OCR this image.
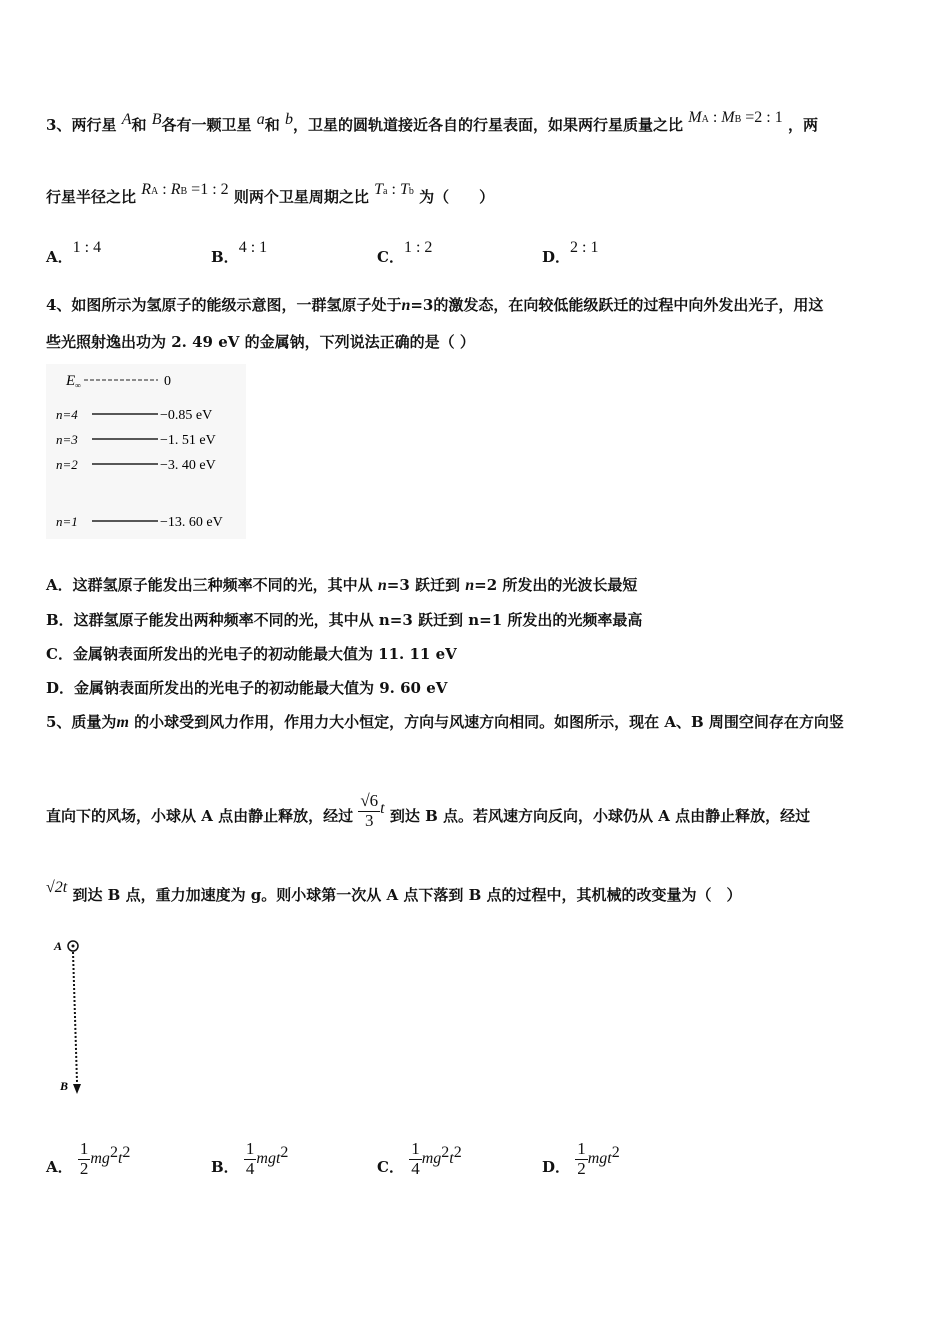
3、两行星 A和 B各有一颗卫星 a和 b，卫星的圆轨道接近各自的行星表面，如果两行星质量之比 MA : MB =2 : 1 ，两
行星半径之比 RA : RB =1 : 2 则两个卫星周期之比 Ta : Tb 为（　　）
A．1 : 4
B．4 : 1
C．1 : 2
D．2 : 1
4、如图所示为氢原子的能级示意图，一群氢原子处于n=3的激发态，在向较低能级跃迁的过程中向外发出光子，用这
些光照射逸出功为 2. 49 eV 的金属钠，下列说法正确的是（ ）
$E_\infty$	0
n=4	−0.85 eV
n=3	−1. 51 eV
n=2	−3. 40 eV
n=1	−13. 60 eV
A．这群氢原子能发出三种频率不同的光，其中从 n=3 跃迁到 n=2 所发出的光波长最短
B．这群氢原子能发出两种频率不同的光，其中从 n=3 跃迁到 n=1 所发出的光频率最高
C．金属钠表面所发出的光电子的初动能最大值为 11. 11 eV
D．金属钠表面所发出的光电子的初动能最大值为 9. 60 eV
5、质量为m 的小球受到风力作用，作用力大小恒定，方向与风速方向相同。如图所示，现在 A、B 周围空间存在方向竖
直向下的风场，小球从 A 点由静止释放，经过 $\frac{√6}{3}$ t 到达 B 点。若风速方向反向，小球仍从 A 点由静止释放，经过
√2t 到达 B 点，重力加速度为 g。则小球第一次从 A 点下落到 B 点的过程中，其机械的改变量为（　）
A
B
A． $\frac{1}{2} mg^2t^2$
B． $\frac{1}{4} mgt^2$
C． $\frac{1}{4} mg^2t^2$
D． $\frac{1}{2} mgt^2$
